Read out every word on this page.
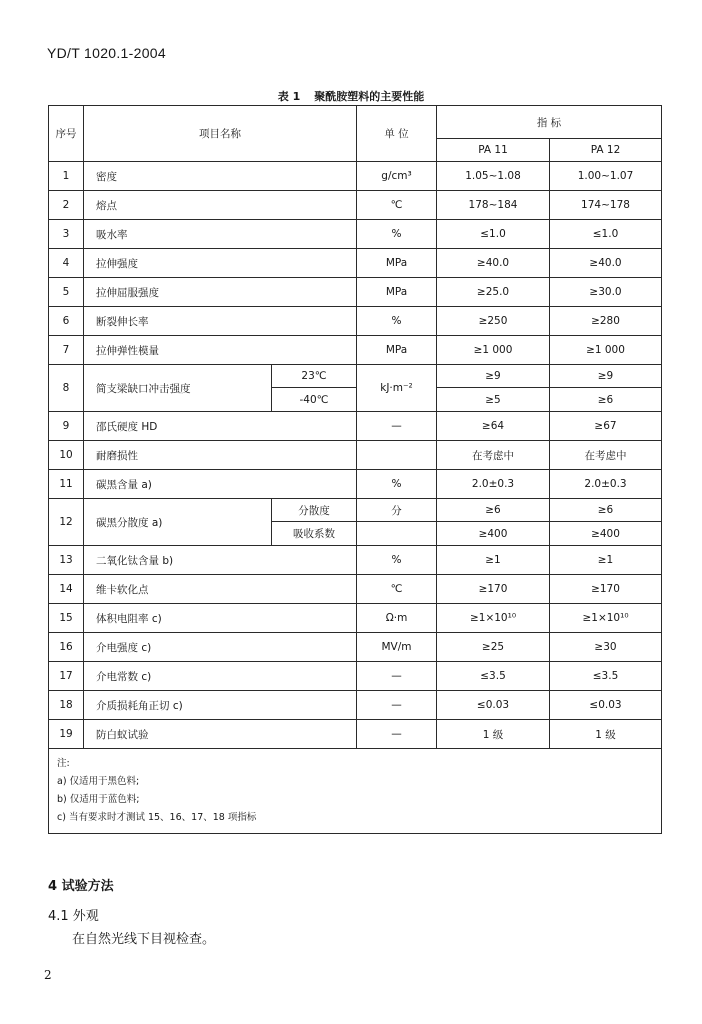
YD/T 1020.1-2004
表 1 聚酰胺塑料的主要性能
序号	项目名称		单 位	指 标	
				PA 11	PA 12
1	密度		g/cm³	1.05~1.08	1.00~1.07
2	熔点		℃	178~184	174~178
3	吸水率		%	≤1.0	≤1.0
4	拉伸强度		MPa	≥40.0	≥40.0
5	拉伸屈服强度		MPa	≥25.0	≥30.0
6	断裂伸长率		%	≥250	≥280
7	拉伸弹性模量		MPa	≥1 000	≥1 000
8	简支梁缺口冲击强度	23℃	kJ·m⁻²	≥9	≥9
		-40℃		≥5	≥6
9	邵氏硬度 HD		—	≥64	≥67
10	耐磨损性			在考虑中	在考虑中
11	碳黑含量 a)		%	2.0±0.3	2.0±0.3
12	碳黑分散度 a)	分散度	分	≥6	≥6
		吸收系数		≥400	≥400
13	二氧化钛含量 b)		%	≥1	≥1
14	维卡软化点		℃	≥170	≥170
15	体积电阻率 c)		Ω·m	≥1×10¹⁰	≥1×10¹⁰
16	介电强度 c)		MV/m	≥25	≥30
17	介电常数 c)		—	≤3.5	≤3.5
18	介质损耗角正切 c)		—	≤0.03	≤0.03
19	防白蚁试验		—	1 级	1 级

注:
a) 仅适用于黑色料;
b) 仅适用于蓝色料;
c) 当有要求时才测试 15、16、17、18 项指标					
4 试验方法
4.1 外观
在自然光线下目视检查。
2
